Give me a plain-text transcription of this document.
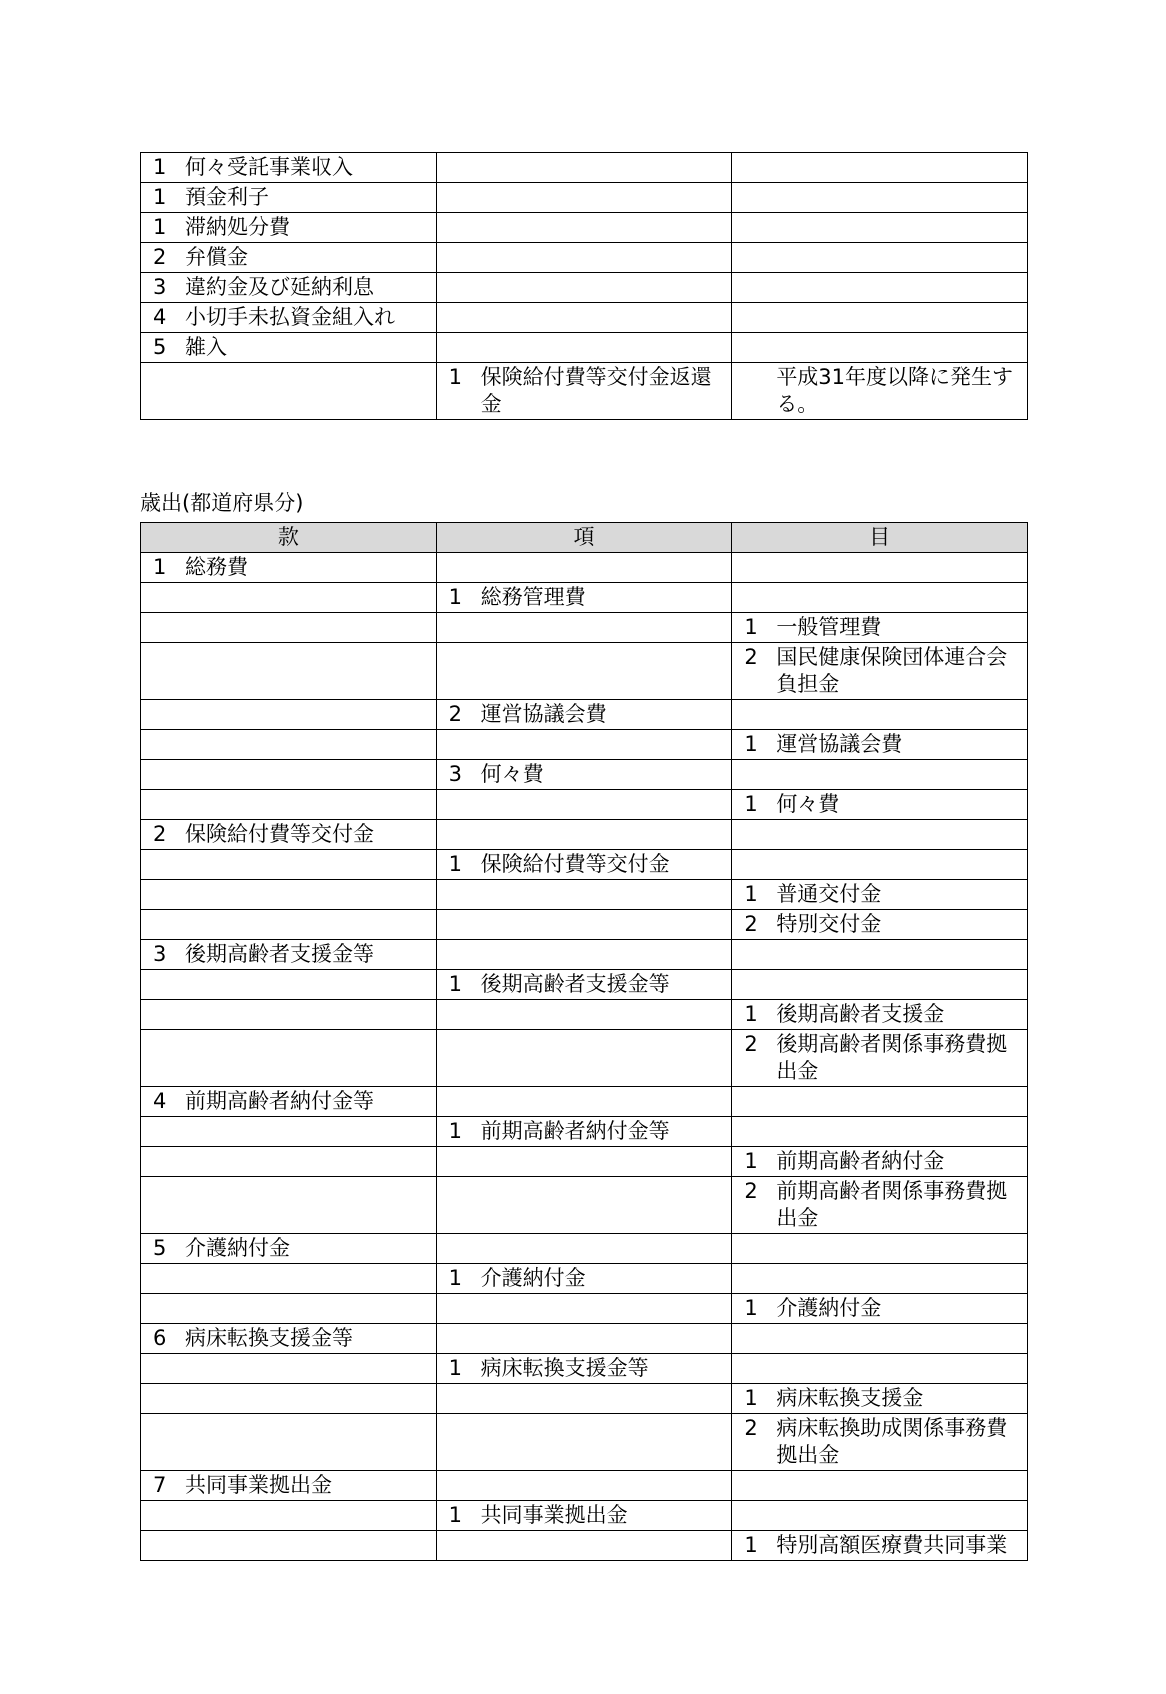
1 何々受託事業収入		

1 預金利子		

1 滞納処分費		

2 弁償金		

3 違約金及び延納利息		

4 小切手未払資金組入れ		

5 雑入		

	1 保険給付費等交付金返還金	平成31年度以降に発生する。
歳出(都道府県分)
款	項	目

1 総務費		

	1 総務管理費	

		1 一般管理費

		2 国民健康保険団体連合会負担金

	2 運営協議会費	

		1 運営協議会費

	3 何々費	

		1 何々費

2 保険給付費等交付金		

	1 保険給付費等交付金	

		1 普通交付金

		2 特別交付金

3 後期高齢者支援金等		

	1 後期高齢者支援金等	

		1 後期高齢者支援金

		2 後期高齢者関係事務費拠出金

4 前期高齢者納付金等		

	1 前期高齢者納付金等	

		1 前期高齢者納付金

		2 前期高齢者関係事務費拠出金

5 介護納付金		

	1 介護納付金	

		1 介護納付金

6 病床転換支援金等		

	1 病床転換支援金等	

		1 病床転換支援金

		2 病床転換助成関係事務費拠出金

7 共同事業拠出金		

	1 共同事業拠出金	

		1 特別高額医療費共同事業
